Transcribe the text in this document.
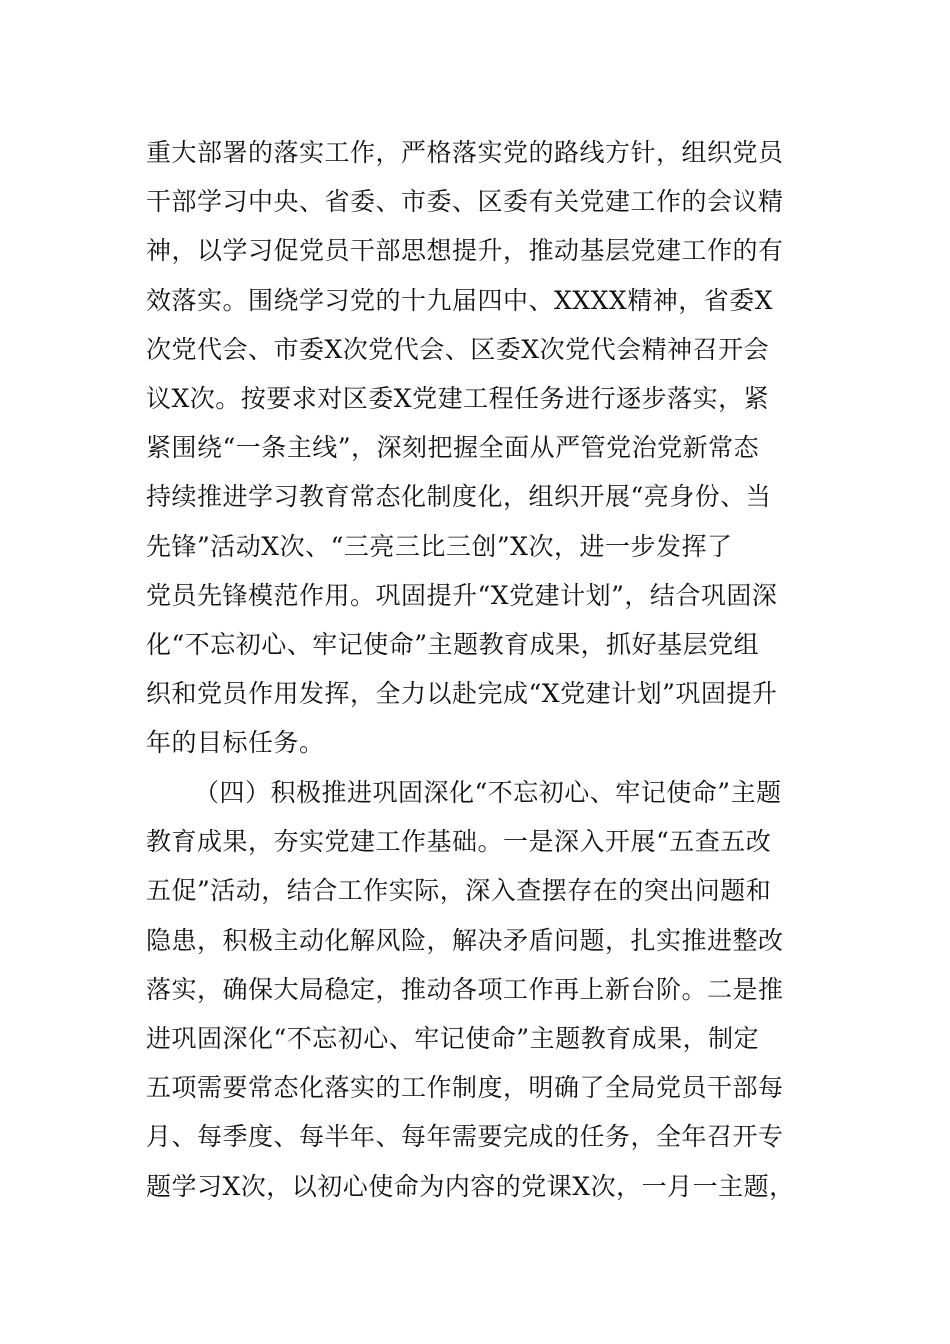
重大部署的落实工作，严格落实党的路线方针，组织党员
干部学习中央、省委、市委、区委有关党建工作的会议精
神，以学习促党员干部思想提升，推动基层党建工作的有
效落实。围绕学习党的十九届四中、XXXX精神，省委X
次党代会、市委X次党代会、区委X次党代会精神召开会
议X次。按要求对区委X党建工程任务进行逐步落实，紧
紧围绕“一条主线”，深刻把握全面从严管党治党新常态
持续推进学习教育常态化制度化，组织开展“亮身份、当
先锋”活动X次、“三亮三比三创”X次，进一步发挥了
党员先锋模范作用。巩固提升“X党建计划”，结合巩固深
化“不忘初心、牢记使命”主题教育成果，抓好基层党组
织和党员作用发挥，全力以赴完成“X党建计划”巩固提升
年的目标任务。
（四）积极推进巩固深化“不忘初心、牢记使命”主题
教育成果，夯实党建工作基础。一是深入开展“五查五改
五促”活动，结合工作实际，深入查摆存在的突出问题和
隐患，积极主动化解风险，解决矛盾问题，扎实推进整改
落实，确保大局稳定，推动各项工作再上新台阶。二是推
进巩固深化“不忘初心、牢记使命”主题教育成果，制定
五项需要常态化落实的工作制度，明确了全局党员干部每
月、每季度、每半年、每年需要完成的任务，全年召开专
题学习X次，以初心使命为内容的党课X次，一月一主题，
